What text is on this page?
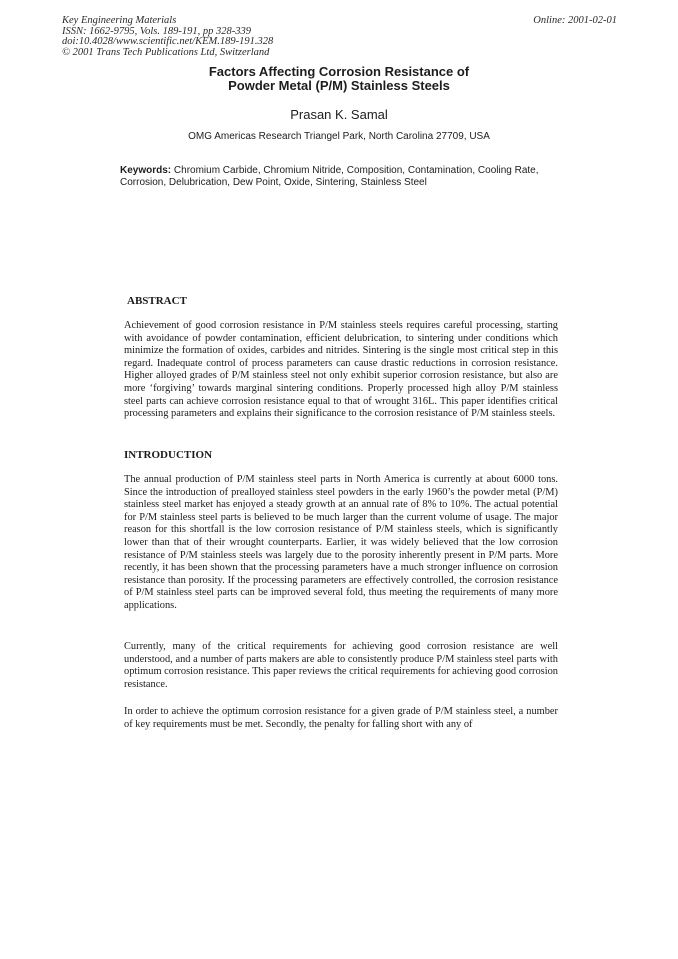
Key Engineering Materials
ISSN: 1662-9795, Vols. 189-191, pp 328-339
doi:10.4028/www.scientific.net/KEM.189-191.328
© 2001 Trans Tech Publications Ltd, Switzerland
Online: 2001-02-01
Factors Affecting Corrosion Resistance of
Powder Metal (P/M) Stainless Steels
Prasan K. Samal
OMG Americas Research Triangel Park, North Carolina 27709, USA
Keywords: Chromium Carbide, Chromium Nitride, Composition, Contamination, Cooling Rate, Corrosion, Delubrication, Dew Point, Oxide, Sintering, Stainless Steel
ABSTRACT
Achievement of good corrosion resistance in P/M stainless steels requires careful processing, starting with avoidance of powder contamination, efficient delubrication, to sintering under conditions which minimize the formation of oxides, carbides and nitrides. Sintering is the single most critical step in this regard. Inadequate control of process parameters can cause drastic reductions in corrosion resistance. Higher alloyed grades of P/M stainless steel not only exhibit superior corrosion resistance, but also are more ‘forgiving’ towards marginal sintering conditions. Properly processed high alloy P/M stainless steel parts can achieve corrosion resistance equal to that of wrought 316L. This paper identifies critical processing parameters and explains their significance to the corrosion resistance of P/M stainless steels.
INTRODUCTION
The annual production of P/M stainless steel parts in North America is currently at about 6000 tons. Since the introduction of prealloyed stainless steel powders in the early 1960’s the powder metal (P/M) stainless steel market has enjoyed a steady growth at an annual rate of 8% to 10%. The actual potential for P/M stainless steel parts is believed to be much larger than the current volume of usage. The major reason for this shortfall is the low corrosion resistance of P/M stainless steels, which is significantly lower than that of their wrought counterparts. Earlier, it was widely believed that the low corrosion resistance of P/M stainless steels was largely due to the porosity inherently present in P/M parts. More recently, it has been shown that the processing parameters have a much stronger influence on corrosion resistance than porosity. If the processing parameters are effectively controlled, the corrosion resistance of P/M stainless steel parts can be improved several fold, thus meeting the requirements of many more applications.
Currently, many of the critical requirements for achieving good corrosion resistance are well understood, and a number of parts makers are able to consistently produce P/M stainless steel parts with optimum corrosion resistance. This paper reviews the critical requirements for achieving good corrosion resistance.
In order to achieve the optimum corrosion resistance for a given grade of P/M stainless steel, a number of key requirements must be met. Secondly, the penalty for falling short with any of
